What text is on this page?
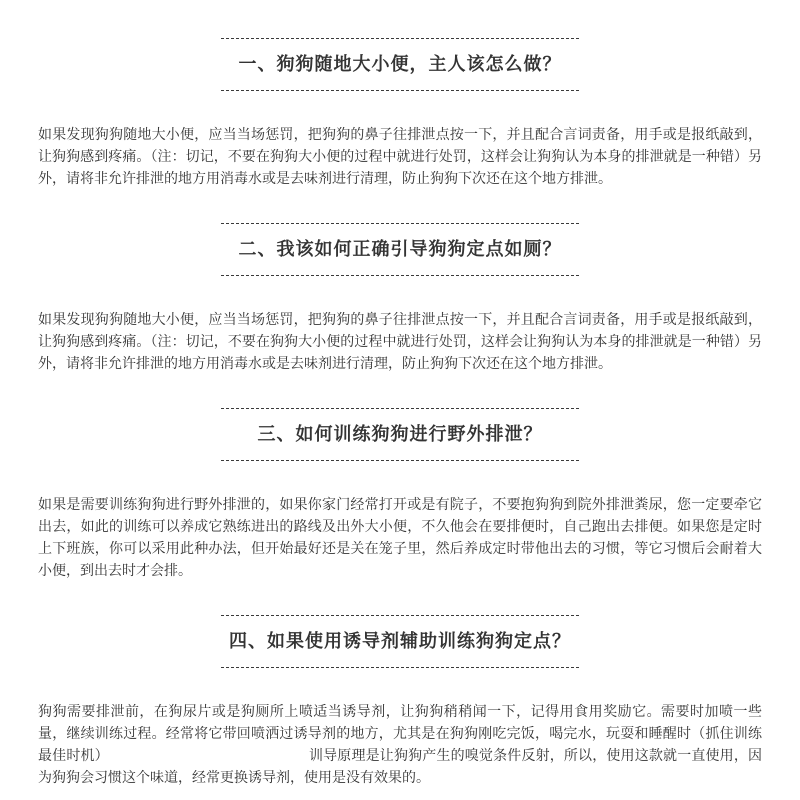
一、狗狗随地大小便，主人该怎么做？

如果发现狗狗随地大小便，应当当场惩罚，把狗狗的鼻子往排泄点按一下，并且配合言词责备，用手或是报纸敲到，让狗狗感到疼痛。（注：切记，不要在狗狗大小便的过程中就进行处罚，这样会让狗狗认为本身的排泄就是一种错）另外，请将非允许排泄的地方用消毒水或是去味剂进行清理，防止狗狗下次还在这个地方排泄。

二、我该如何正确引导狗狗定点如厕？

如果发现狗狗随地大小便，应当当场惩罚，把狗狗的鼻子往排泄点按一下，并且配合言词责备，用手或是报纸敲到，让狗狗感到疼痛。（注：切记，不要在狗狗大小便的过程中就进行处罚，这样会让狗狗认为本身的排泄就是一种错）另外，请将非允许排泄的地方用消毒水或是去味剂进行清理，防止狗狗下次还在这个地方排泄。

三、如何训练狗狗进行野外排泄？

如果是需要训练狗狗进行野外排泄的，如果你家门经常打开或是有院子，不要抱狗狗到院外排泄粪尿，您一定要牵它出去，如此的训练可以养成它熟练进出的路线及出外大小便，不久他会在要排便时，自己跑出去排便。如果您是定时上下班族，你可以采用此种办法，但开始最好还是关在笼子里，然后养成定时带他出去的习惯，等它习惯后会耐着大小便，到出去时才会排。

四、如果使用诱导剂辅助训练狗狗定点？

狗狗需要排泄前，在狗尿片或是狗厕所上喷适当诱导剂，让狗狗稍稍闻一下，记得用食用奖励它。需要时加喷一些量，继续训练过程。经常将它带回喷洒过诱导剂的地方，尤其是在狗狗刚吃完饭，喝完水，玩耍和睡醒时（抓住训练最佳时机）	训导原理是让狗狗产生的嗅觉条件反射，所以，使用这款就一直使用，因为狗狗会习惯这个味道，经常更换诱导剂，使用是没有效果的。
